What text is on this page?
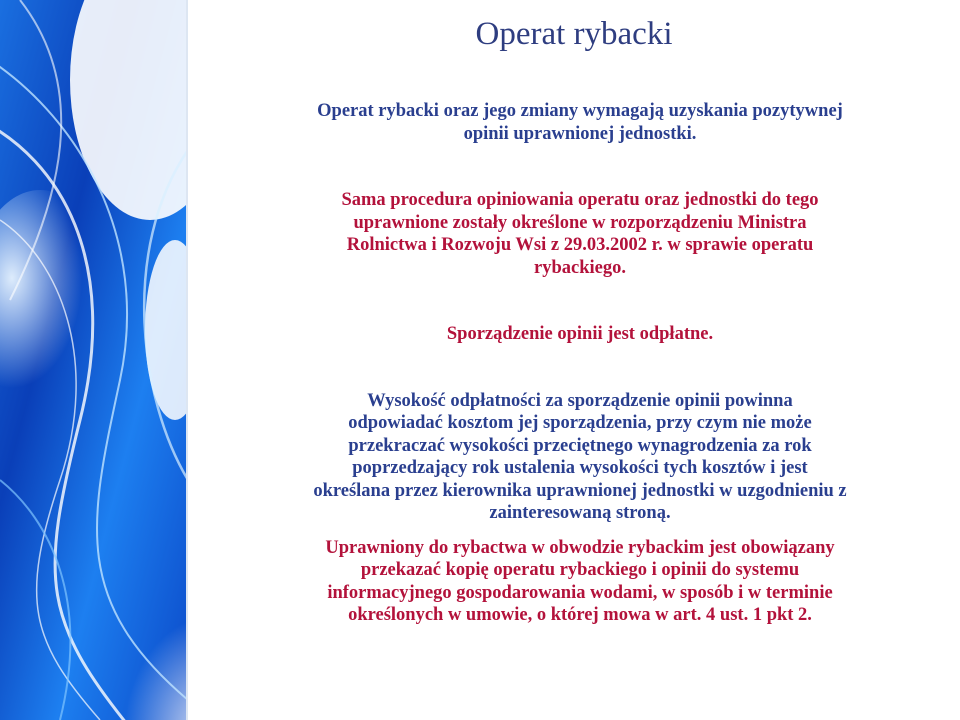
Operat rybacki

Operat rybacki oraz jego zmiany wymagają uzyskania pozytywnej
opinii uprawnionej jednostki.

Sama procedura opiniowania operatu oraz jednostki do tego
uprawnione zostały określone w rozporządzeniu Ministra
Rolnictwa i Rozwoju Wsi z 29.03.2002 r. w sprawie operatu
rybackiego.

Sporządzenie opinii jest odpłatne.

Wysokość odpłatności za sporządzenie opinii powinna
odpowiadać kosztom jej sporządzenia, przy czym nie może
przekraczać wysokości przeciętnego wynagrodzenia za rok
poprzedzający rok ustalenia wysokości tych kosztów i jest
określana przez kierownika uprawnionej jednostki w uzgodnieniu z
zainteresowaną stroną.

Uprawniony do rybactwa w obwodzie rybackim jest obowiązany
przekazać kopię operatu rybackiego i opinii do systemu
informacyjnego gospodarowania wodami, w sposób i w terminie
określonych w umowie, o której mowa w art. 4 ust. 1 pkt 2.
